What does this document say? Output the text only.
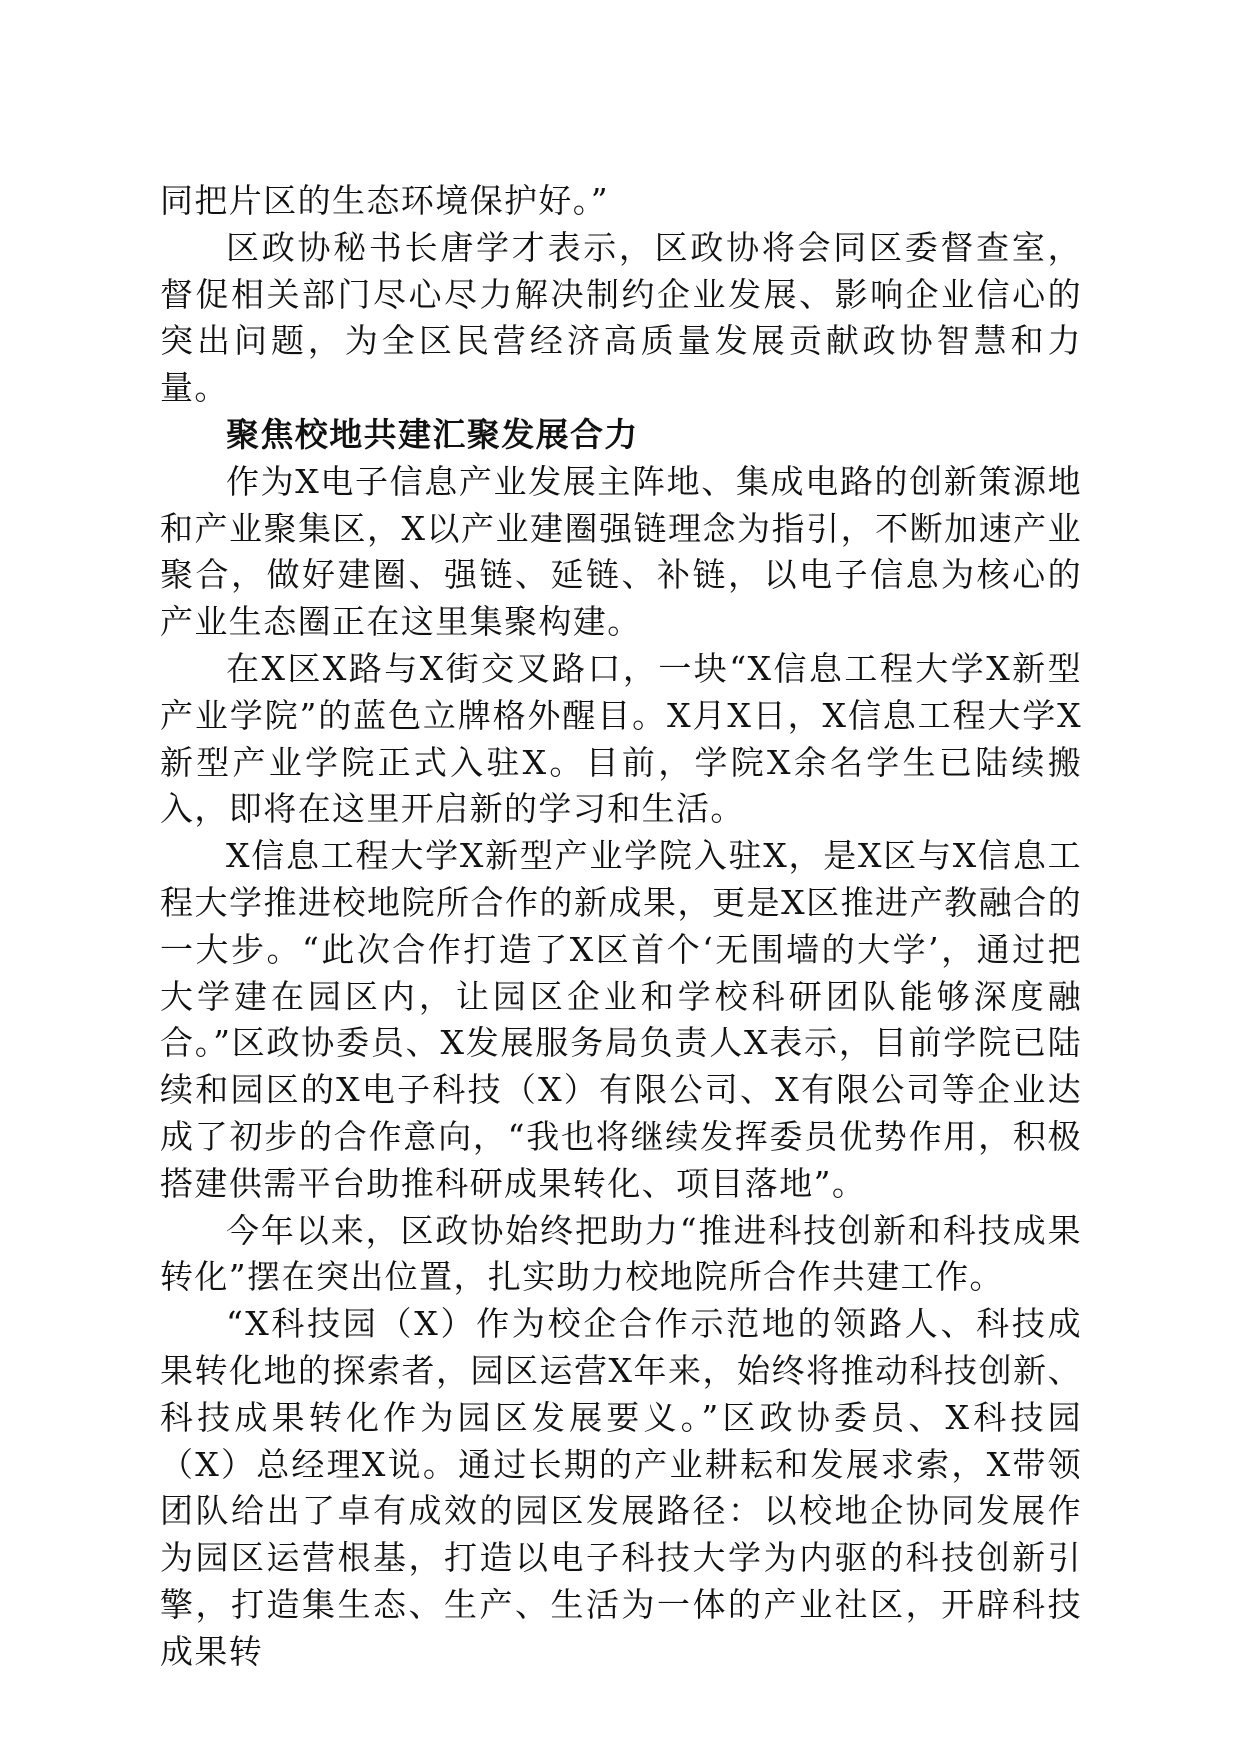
同把片区的生态环境保护好。”

区政协秘书长唐学才表示，区政协将会同区委督查室，督促相关部门尽心尽力解决制约企业发展、影响企业信心的突出问题，为全区民营经济高质量发展贡献政协智慧和力量。

聚焦校地共建汇聚发展合力

作为X电子信息产业发展主阵地、集成电路的创新策源地和产业聚集区，X以产业建圈强链理念为指引，不断加速产业聚合，做好建圈、强链、延链、补链，以电子信息为核心的产业生态圈正在这里集聚构建。

在X区X路与X街交叉路口，一块“X信息工程大学X新型产业学院”的蓝色立牌格外醒目。X月X日，X信息工程大学X新型产业学院正式入驻X。目前，学院X余名学生已陆续搬入，即将在这里开启新的学习和生活。

X信息工程大学X新型产业学院入驻X，是X区与X信息工程大学推进校地院所合作的新成果，更是X区推进产教融合的一大步。“此次合作打造了X区首个‘无围墙的大学’，通过把大学建在园区内，让园区企业和学校科研团队能够深度融合。”区政协委员、X发展服务局负责人X表示，目前学院已陆续和园区的X电子科技（X）有限公司、X有限公司等企业达成了初步的合作意向，“我也将继续发挥委员优势作用，积极搭建供需平台助推科研成果转化、项目落地”。

今年以来，区政协始终把助力“推进科技创新和科技成果转化”摆在突出位置，扎实助力校地院所合作共建工作。

“X科技园（X）作为校企合作示范地的领路人、科技成果转化地的探索者，园区运营X年来，始终将推动科技创新、科技成果转化作为园区发展要义。”区政协委员、X科技园（X）总经理X说。通过长期的产业耕耘和发展求索，X带领团队给出了卓有成效的园区发展路径：以校地企协同发展作为园区运营根基，打造以电子科技大学为内驱的科技创新引擎，打造集生态、生产、生活为一体的产业社区，开辟科技成果转
